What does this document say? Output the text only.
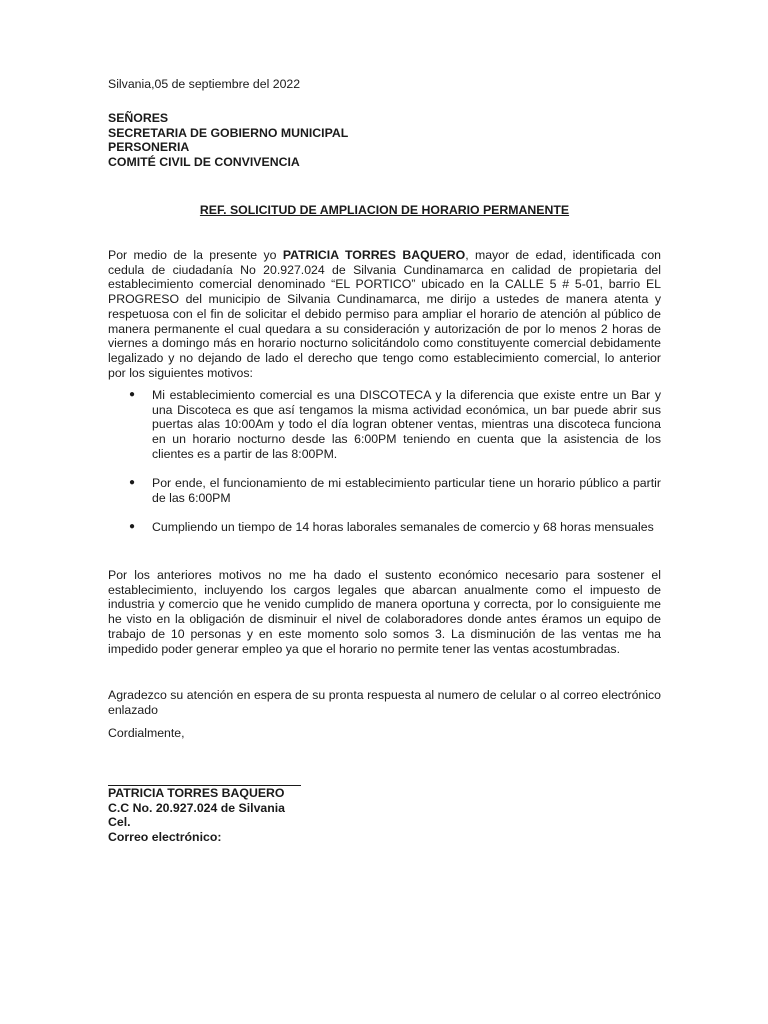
Silvania,05 de septiembre del 2022
SEÑORES
SECRETARIA DE GOBIERNO MUNICIPAL
PERSONERIA
COMITÉ CIVIL DE CONVIVENCIA
REF. SOLICITUD DE AMPLIACION DE HORARIO PERMANENTE

Por medio de la presente yo PATRICIA TORRES BAQUERO, mayor de edad, identificada con cedula de ciudadanía No 20.927.024 de Silvania Cundinamarca en calidad de propietaria del establecimiento comercial denominado “EL PORTICO” ubicado en la CALLE 5 # 5-01, barrio EL PROGRESO del municipio de Silvania Cundinamarca, me dirijo a ustedes de manera atenta y respetuosa con el fin de solicitar el debido permiso para ampliar el horario de atención al público de manera permanente el cual quedara a su consideración y autorización de por lo menos 2 horas de viernes a domingo más en horario nocturno solicitándolo como constituyente comercial debidamente legalizado y no dejando de lado el derecho que tengo como establecimiento comercial, lo anterior por los siguientes motivos:

● Mi establecimiento comercial es una DISCOTECA y la diferencia que existe entre un Bar y una Discoteca es que así tengamos la misma actividad económica, un bar puede abrir sus puertas alas 10:00Am y todo el día logran obtener ventas, mientras una discoteca funciona en un horario nocturno desde las 6:00PM teniendo en cuenta que la asistencia de los clientes es a partir de las 8:00PM.
● Por ende, el funcionamiento de mi establecimiento particular tiene un horario público a partir de las 6:00PM
● Cumpliendo un tiempo de 14 horas laborales semanales de comercio y 68 horas mensuales

Por los anteriores motivos no me ha dado el sustento económico necesario para sostener el establecimiento, incluyendo los cargos legales que abarcan anualmente como el impuesto de industria y comercio que he venido cumplido de manera oportuna y correcta, por lo consiguiente me he visto en la obligación de disminuir el nivel de colaboradores donde antes éramos un equipo de trabajo de 10 personas y en este momento solo somos 3. La disminución de las ventas me ha impedido poder generar empleo ya que el horario no permite tener las ventas acostumbradas.

Agradezco su atención en espera de su pronta respuesta al numero de celular o al correo electrónico enlazado

Cordialmente,
PATRICIA TORRES BAQUERO
C.C No. 20.927.024 de Silvania
Cel.
Correo electrónico:
